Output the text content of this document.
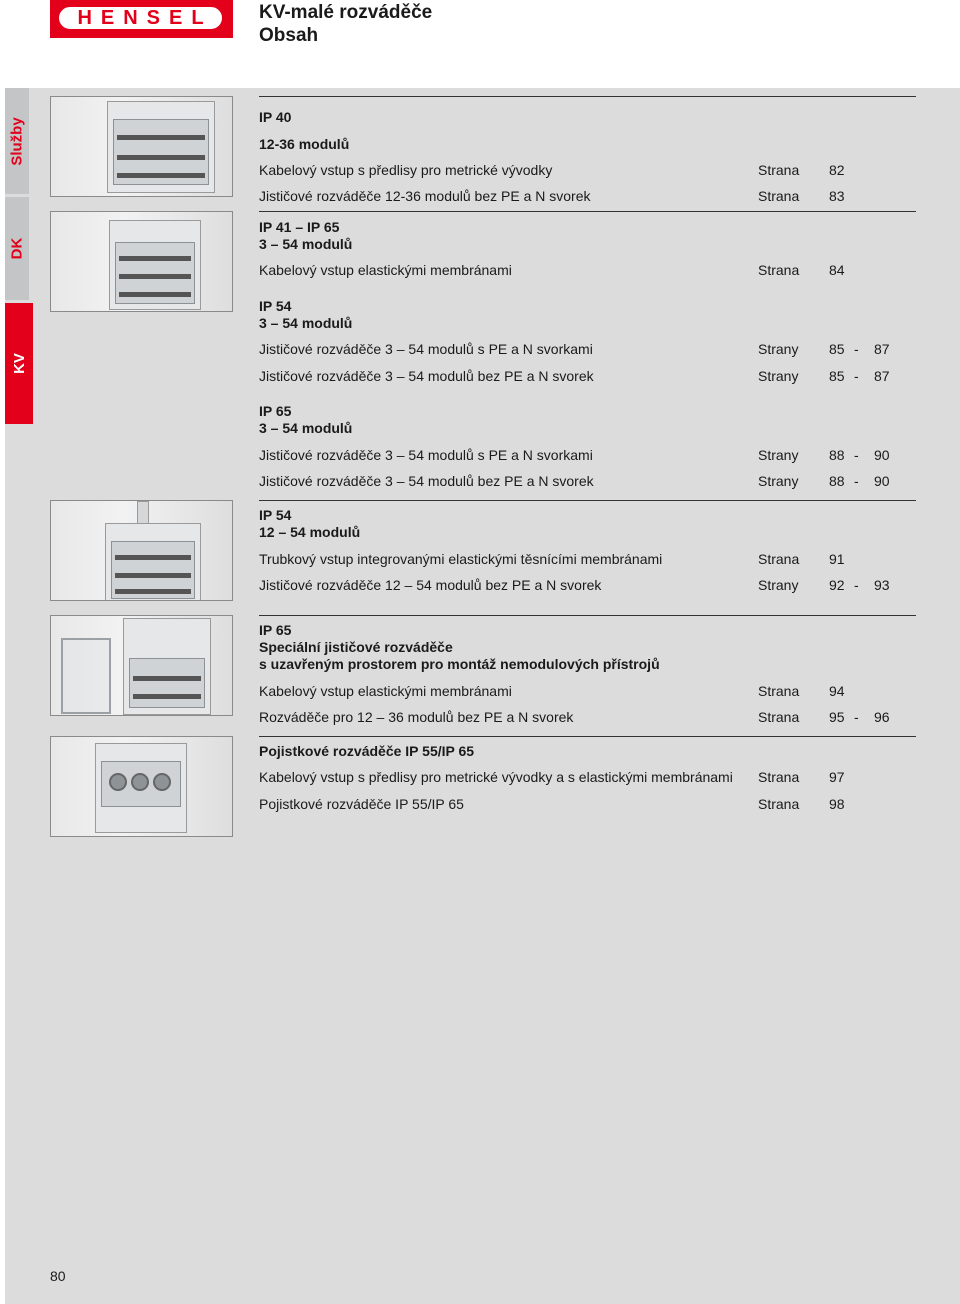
HENSEL	KV-malé rozváděče
Obsah
Služby
DK
KV
IP 40
12-36 modulů
Kabelový vstup s předlisy pro metrické vývodky	Strana 82
Jističové rozváděče 12-36 modulů bez PE a N svorek	Strana 83
IP 41 – IP 65
3 – 54 modulů
Kabelový vstup elastickými membránami	Strana 84
IP 54
3 – 54 modulů
Jističové rozváděče 3 – 54 modulů s PE a N svorkami	Strany 85 - 87
Jističové rozváděče 3 – 54 modulů bez PE a N svorek	Strany 85 - 87
IP 65
3 – 54 modulů
Jističové rozváděče 3 – 54 modulů s PE a N svorkami	Strany 88 - 90
Jističové rozváděče 3 – 54 modulů bez PE a N svorek	Strany 88 - 90
IP 54
12 – 54 modulů
Trubkový vstup integrovanými elastickými těsnícími membránami	Strana 91
Jističové rozváděče 12 – 54 modulů bez PE a N svorek	Strany 92 - 93
IP 65
Speciální jističové rozváděče
s uzavřeným prostorem pro montáž nemodulových přístrojů
Kabelový vstup elastickými membránami	Strana 94
Rozváděče pro 12 – 36 modulů bez PE a N svorek	Strana 95 - 96
Pojistkové rozváděče IP 55/IP 65
Kabelový vstup s předlisy pro metrické vývodky a s elastickými membránami Strana 97
Pojistkové rozváděče IP 55/IP 65	Strana 98
80
